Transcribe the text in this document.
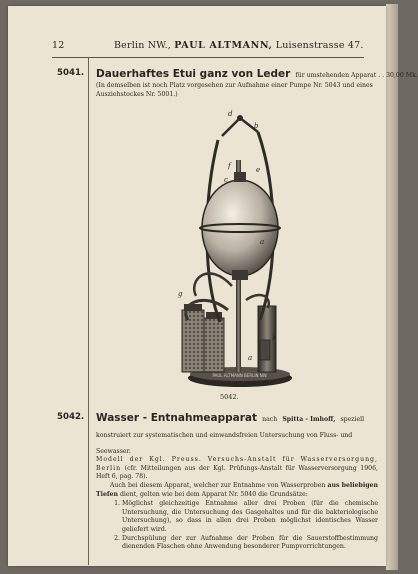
12	Berlin NW., PAUL ALTMANN, Luisenstrasse 47.
5041. Dauerhaftes Etui ganz von Leder für umstehenden Apparat . . 30,00 Mk.
(In demselben ist noch Platz vorgesehen zur Aufnahme einer Pumpe Nr. 5043 und eines Ausziehstockes Nr. 5001.)
PAUL ALTMANN BERLIN NW.
d
b
f
c
e
a
g
k
a
5042.
5042. Wasser - Entnahmeapparat nach Spitta - Imhoff, speziell konstruiert zur systematischen und einwandsfreien Untersuchung von Fluss- und Seewasser.

Modell der Kgl. Preuss. Versuchs-Anstalt für Wasserversorgung, Berlin (cfr. Mitteilungen aus der Kgl. Prüfungs-Anstalt für Wasserversorgung 1906, Heft 6, pag. 78).

Auch bei diesem Apparat, welcher zur Entnahme von Wasserproben aus beliebigen Tiefen dient, gelten wie bei dem Apparat Nr. 5040 die Grundsätze:

1. Möglichst gleichzeitige Entnahme aller drei Proben (für die chemische Untersuchung, die Untersuchung des Gasgehaltes und für die bakteriologische Untersuchung), so dass in allen drei Proben möglichst identisches Wasser geliefert wird.
2. Durchspülung der zur Aufnahme der Proben für die Sauerstoffbestimmung dienenden Flaschen ohne Anwendung besonderer Pumpvorrichtungen.
